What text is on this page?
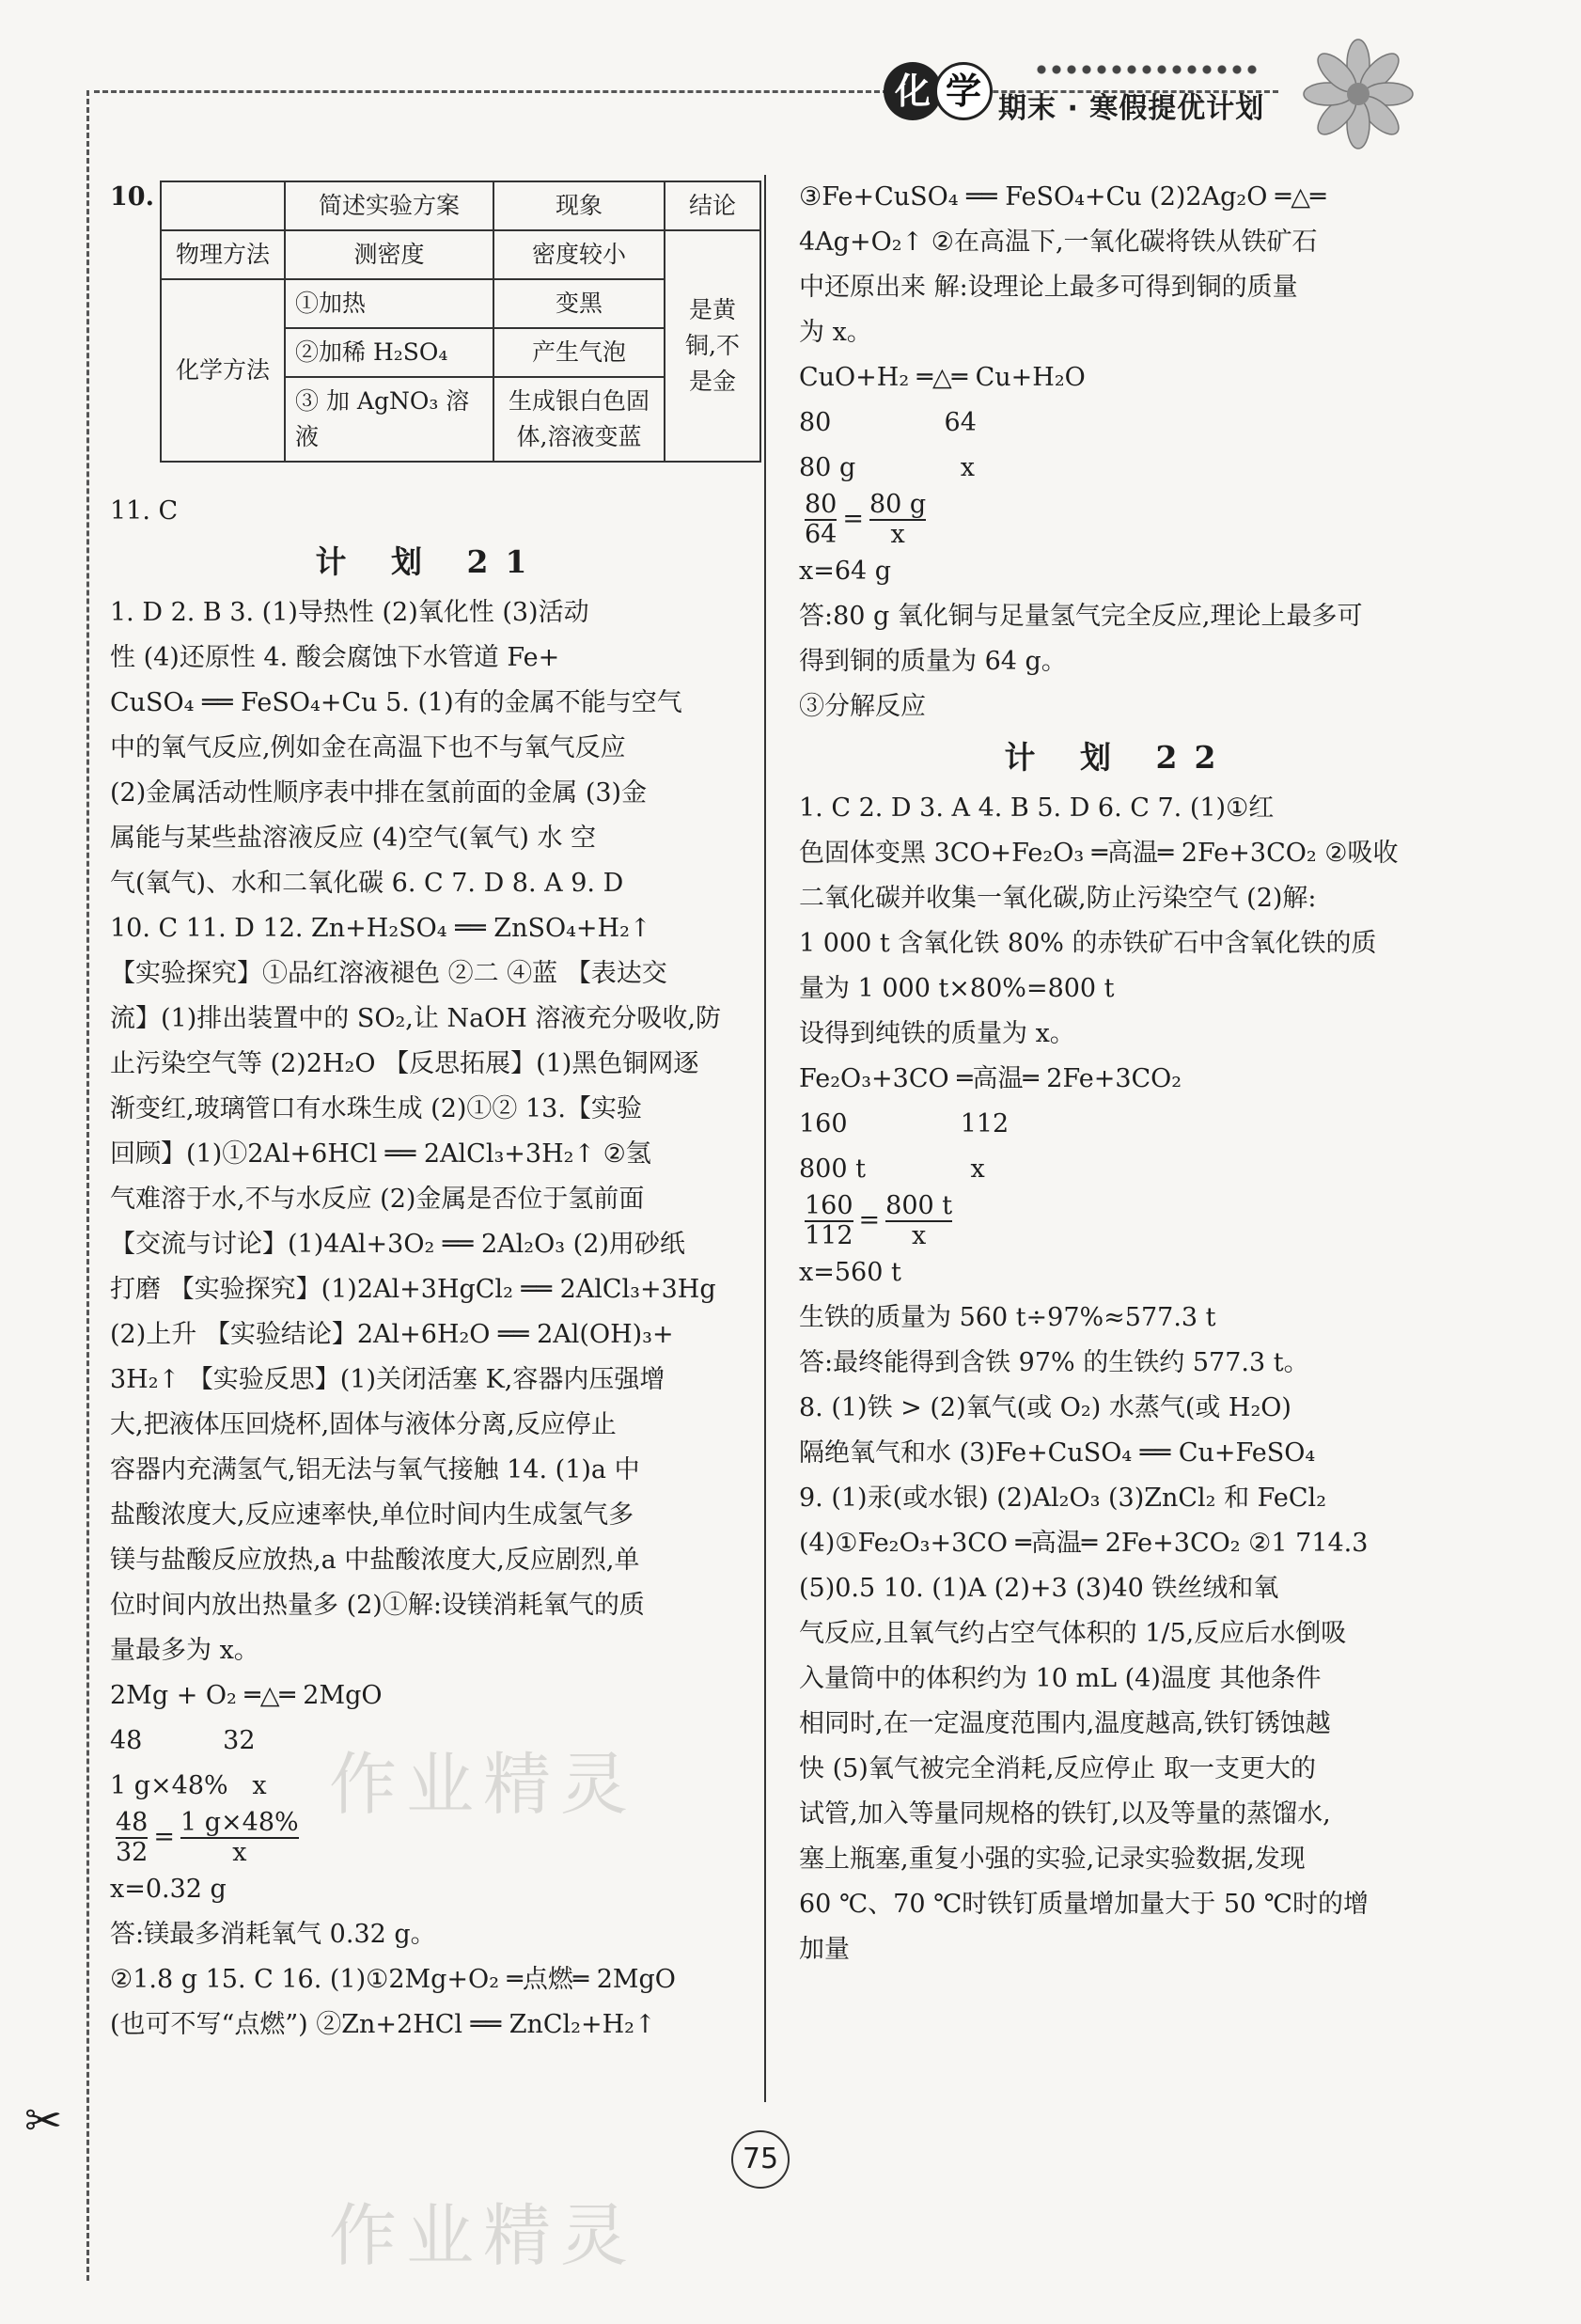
化 学 期末 · 寒假提优计划

10.

		简述实验方案	现象	结论
物理方法	测密度	密度较小	是黄铜,不是金
化学方法	①加热	变黑	
	②加稀 H₂SO₄	产生气泡	
	③ 加 AgNO₃ 溶液	生成银白色固体,溶液变蓝	

11. C

计 划 21

1. D 2. B 3. (1)导热性 (2)氧化性 (3)活动

性 (4)还原性 4. 酸会腐蚀下水管道 Fe+

CuSO₄ ══ FeSO₄+Cu 5. (1)有的金属不能与空气

中的氧气反应,例如金在高温下也不与氧气反应

(2)金属活动性顺序表中排在氢前面的金属 (3)金

属能与某些盐溶液反应 (4)空气(氧气) 水 空

气(氧气)、水和二氧化碳 6. C 7. D 8. A 9. D

10. C 11. D 12. Zn+H₂SO₄ ══ ZnSO₄+H₂↑

【实验探究】①品红溶液褪色 ②二 ④蓝 【表达交

流】(1)排出装置中的 SO₂,让 NaOH 溶液充分吸收,防

止污染空气等 (2)2H₂O 【反思拓展】(1)黑色铜网逐

渐变红,玻璃管口有水珠生成 (2)①② 13.【实验

回顾】(1)①2Al+6HCl ══ 2AlCl₃+3H₂↑ ②氢

气难溶于水,不与水反应 (2)金属是否位于氢前面

【交流与讨论】(1)4Al+3O₂ ══ 2Al₂O₃ (2)用砂纸

打磨 【实验探究】(1)2Al+3HgCl₂ ══ 2AlCl₃+3Hg

(2)上升 【实验结论】2Al+6H₂O ══ 2Al(OH)₃+

3H₂↑ 【实验反思】(1)关闭活塞 K,容器内压强增

大,把液体压回烧杯,固体与液体分离,反应停止

容器内充满氢气,铝无法与氧气接触 14. (1)a 中

盐酸浓度大,反应速率快,单位时间内生成氢气多

镁与盐酸反应放热,a 中盐酸浓度大,反应剧烈,单

位时间内放出热量多 (2)①解:设镁消耗氧气的质

量最多为 x。

2Mg + O₂ ═△═ 2MgO

48          32

1 g×48%   x

$\frac{48}{32} = \frac{1 g\times 48\%}{x}$

x=0.32 g

答:镁最多消耗氧气 0.32 g。

②1.8 g 15. C 16. (1)①2Mg+O₂ ═点燃═ 2MgO

(也可不写“点燃”) ②Zn+2HCl ══ ZnCl₂+H₂↑

③Fe+CuSO₄ ══ FeSO₄+Cu (2)2Ag₂O ═△═

4Ag+O₂↑ ②在高温下,一氧化碳将铁从铁矿石

中还原出来 解:设理论上最多可得到铜的质量

为 x。

CuO+H₂ ═△═ Cu+H₂O

80              64

80 g             x

$\frac{80}{64} = \frac{80 g}{x}$

x=64 g

答:80 g 氧化铜与足量氢气完全反应,理论上最多可

得到铜的质量为 64 g。

③分解反应

计 划 22

1. C 2. D 3. A 4. B 5. D 6. C 7. (1)①红

色固体变黑 3CO+Fe₂O₃ ═高温═ 2Fe+3CO₂ ②吸收

二氧化碳并收集一氧化碳,防止污染空气 (2)解:

1 000 t 含氧化铁 80% 的赤铁矿石中含氧化铁的质

量为 1 000 t×80%=800 t

设得到纯铁的质量为 x。

Fe₂O₃+3CO ═高温═ 2Fe+3CO₂

160              112

800 t             x

$\frac{160}{112} = \frac{800 t}{x}$

x=560 t

生铁的质量为 560 t÷97%≈577.3 t

答:最终能得到含铁 97% 的生铁约 577.3 t。

8. (1)铁 > (2)氧气(或 O₂) 水蒸气(或 H₂O)

隔绝氧气和水 (3)Fe+CuSO₄ ══ Cu+FeSO₄

9. (1)汞(或水银) (2)Al₂O₃ (3)ZnCl₂ 和 FeCl₂

(4)①Fe₂O₃+3CO ═高温═ 2Fe+3CO₂ ②1 714.3

(5)0.5 10. (1)A (2)+3 (3)40 铁丝绒和氧

气反应,且氧气约占空气体积的 1/5,反应后水倒吸

入量筒中的体积约为 10 mL (4)温度 其他条件

相同时,在一定温度范围内,温度越高,铁钉锈蚀越

快 (5)氧气被完全消耗,反应停止 取一支更大的

试管,加入等量同规格的铁钉,以及等量的蒸馏水,

塞上瓶塞,重复小强的实验,记录实验数据,发现

60 ℃、70 ℃时铁钉质量增加量大于 50 ℃时的增

加量

作业精灵
作业精灵
75
✂
